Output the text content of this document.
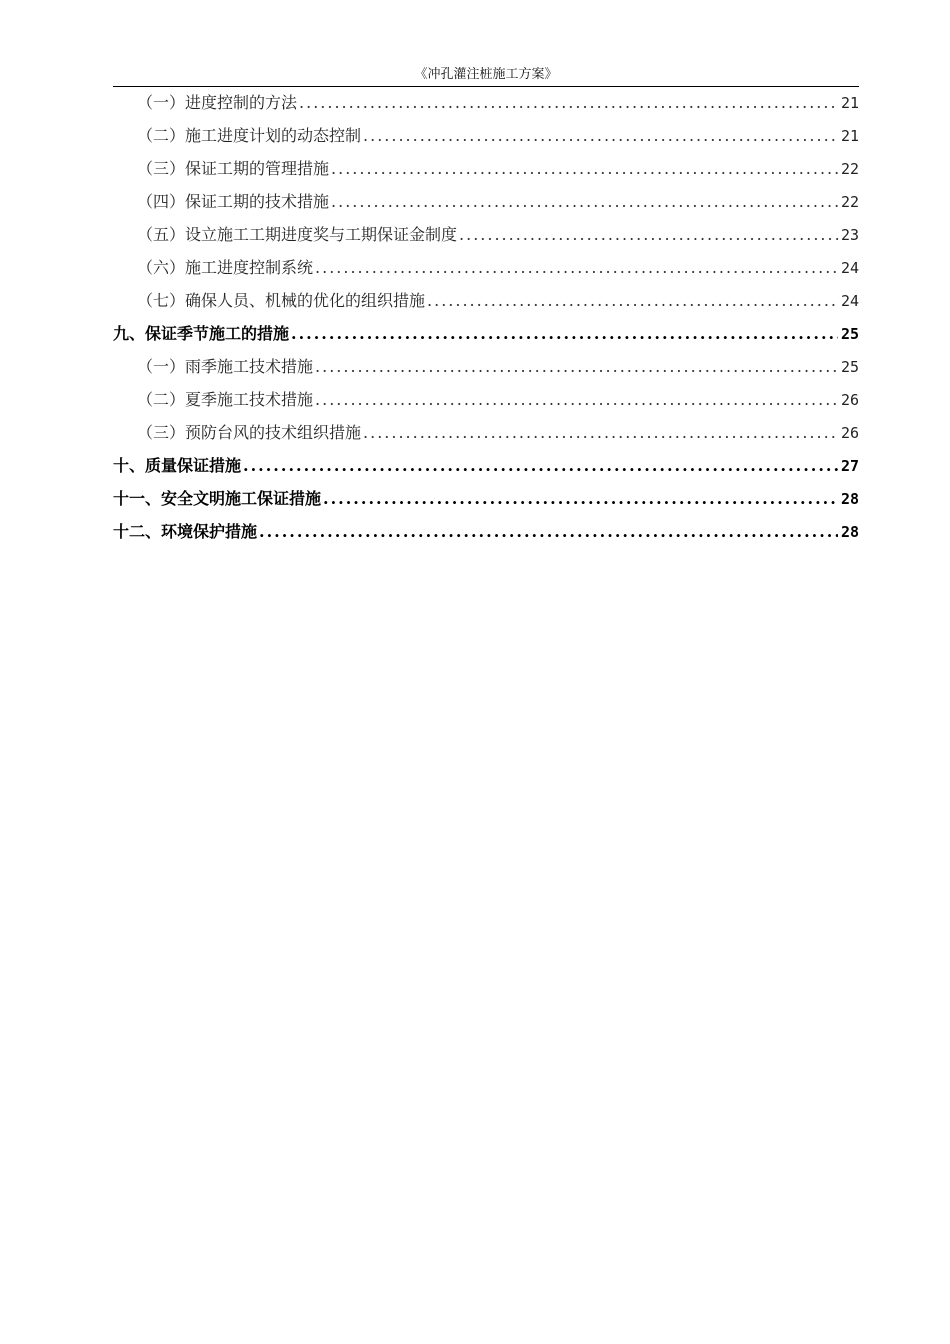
《冲孔灌注桩施工方案》
（一）进度控制的方法 .....	21
（二）施工进度计划的动态控制 .....	21
（三）保证工期的管理措施 .....	22
（四）保证工期的技术措施 .....	22
（五）设立施工工期进度奖与工期保证金制度 .....	23
（六）施工进度控制系统 .....	24
（七）确保人员、机械的优化的组织措施 .....	24
九、保证季节施工的措施 .....	25
（一）雨季施工技术措施 .....	25
（二）夏季施工技术措施 .....	26
（三）预防台风的技术组织措施 .....	26
十、质量保证措施 .....	27
十一、安全文明施工保证措施 .....	28
十二、环境保护措施 .....	28
